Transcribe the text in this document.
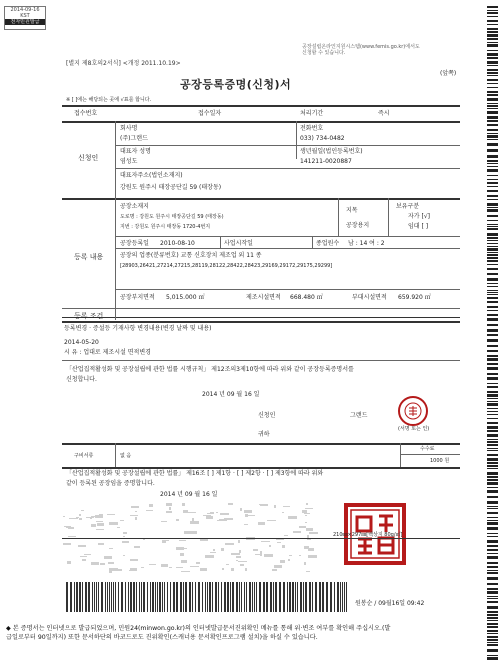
2014-09-16
KST
전자민원발급
[별지 제8호의2서식] <개정 2011.10.19>
공장설립온라인지원시스템(www.femis.go.kr)에서도 신청할 수 있습니다.
(앞쪽)
공장등록증명(신청)서
※ [ ]에는 해당되는 곳에 √표를 합니다.
접수번호	접수일자	처리기간	즉시
신청인
회사명
(주)그랜드
전화번호
033) 734-0482
대표자 성명
염성도
생년월일(법인등록번호)
141211-0020887
대표자주소(법인소재지)
강원도 원주시 태장공단길 59 (태장동)
등록 내용
공장소재지
도로명 : 강원도 원주시 태장공단길 59 (태장동)
지번 : 강원도 원주시 태장동 1720-4번지
지목
공장용지
보유구분
자가 [√]
임대 [ ]
공장등록일 2010-08-10	사업시작일	종업원수 남 : 14 여 : 2
공장의 업종(분류번호) 교통 신호장치 제조업 외 11 종
[28903,26421,27214,27215,28119,28122,28422,28423,29169,29172,29175,29299]
공장부지면적 5,015.000 ㎡	제조시설면적 668.480 ㎡	부대시설면적 659.920 ㎡
등록 조건
등록변경 · 증설등 기재사항 변경내용(변경 날짜 및 내용)
2014-05-20
시 유 : 업대로 제조시설 면적변경
「산업집적활성화 및 공장설립에 관한 법률 시행규칙」 제12조의3제10항에 따라 위와 같이 공장등록증명서를
신청합니다.
2014 년 09 월 16 일
신청인	그랜드
(서명 또는 인)
귀하
구비서류	없 음
수수료
1000 원
「산업집적활성화 및 공장설립에 관한 법률」 제16조 [ ] 제1항 · [ ] 제2항 · [ ] 제3항에 따라 위와
같이 등록된 공장임을 증명합니다.
2014 년 09 월 16 일
210㎜×297㎜[백상지 80g/㎡]
원봉순 / 09월16일 09:42
◆ 본 증명서는 인터넷으로 발급되었으며, 민원24(minwon.go.kr)의 인터넷발급문서진위확인 메뉴를 통해 위·변조 여부를 확인해 주십시오.(발
급일로부터 90일까지) 또한 문서하단의 바코드로도 진위확인(스캐너용 문서확인프로그램 설치)을 하실 수 있습니다.
